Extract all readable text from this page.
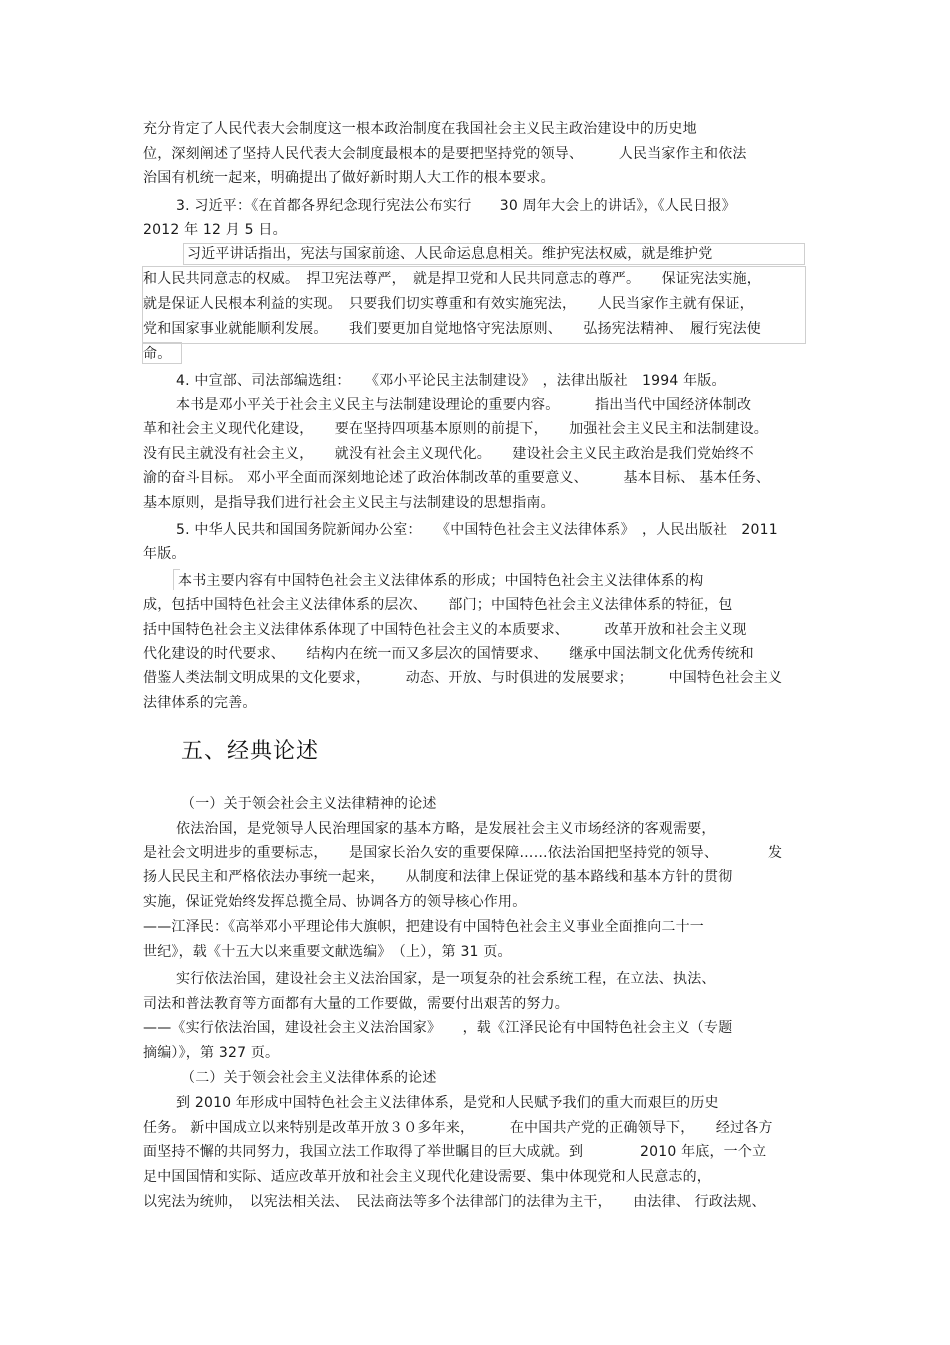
充分肯定了人民代表大会制度这一根本政治制度在我国社会主义民主政治建设中的历史地
位，深刻阐述了坚持人民代表大会制度最根本的是要把坚持党的领导、　　　人民当家作主和依法
治国有机统一起来，明确提出了做好新时期人大工作的根本要求。
3. 习近平：《在首都各界纪念现行宪法公布实行　　30 周年大会上的讲话》，《人民日报》
2012 年 12 月 5 日。
习近平讲话指出，宪法与国家前途、人民命运息息相关。维护宪法权威，就是维护党
和人民共同意志的权威。　捍卫宪法尊严，　就是捍卫党和人民共同意志的尊严。　　保证宪法实施，
就是保证人民根本利益的实现。　只要我们切实尊重和有效实施宪法，　　人民当家作主就有保证，
党和国家事业就能顺利发展。　　我们要更加自觉地恪守宪法原则、　　弘扬宪法精神、　履行宪法使
命。
4. 中宣部、司法部编选组：　　《邓小平论民主法制建设》　，法律出版社　1994 年版。
本书是邓小平关于社会主义民主与法制建设理论的重要内容。　　　指出当代中国经济体制改
革和社会主义现代化建设，　　要在坚持四项基本原则的前提下，　　加强社会主义民主和法制建设。
没有民主就没有社会主义，　　就没有社会主义现代化。　　建设社会主义民主政治是我们党始终不
渝的奋斗目标。 邓小平全面而深刻地论述了政治体制改革的重要意义、　　　基本目标、 基本任务、
基本原则，是指导我们进行社会主义民主与法制建设的思想指南。
5. 中华人民共和国国务院新闻办公室：　　《中国特色社会主义法律体系》　，人民出版社　2011
年版。
本书主要内容有中国特色社会主义法律体系的形成；中国特色社会主义法律体系的构
成，包括中国特色社会主义法律体系的层次、　　部门；中国特色社会主义法律体系的特征，包
括中国特色社会主义法律体系体现了中国特色社会主义的本质要求、　　　改革开放和社会主义现
代化建设的时代要求、　　结构内在统一而又多层次的国情要求、　　继承中国法制文化优秀传统和
借鉴人类法制文明成果的文化要求，　　　动态、开放、与时俱进的发展要求；　　　中国特色社会主义
法律体系的完善。
五、经典论述
（一）关于领会社会主义法律精神的论述
依法治国，是党领导人民治理国家的基本方略，是发展社会主义市场经济的客观需要，
是社会文明进步的重要标志，　　是国家长治久安的重要保障……依法治国把坚持党的领导、　　　　发
扬人民民主和严格依法办事统一起来，　　从制度和法律上保证党的基本路线和基本方针的贯彻
实施，保证党始终发挥总揽全局、协调各方的领导核心作用。
——江泽民：《高举邓小平理论伟大旗帜，把建设有中国特色社会主义事业全面推向二十一
世纪》，载《十五大以来重要文献选编》　（上），第 31 页。
实行依法治国，建设社会主义法治国家，是一项复杂的社会系统工程，在立法、执法、
司法和普法教育等方面都有大量的工作要做，需要付出艰苦的努力。
——《实行依法治国，建设社会主义法治国家》　　，载《江泽民论有中国特色社会主义（专题
摘编）》，第 327 页。
（二）关于领会社会主义法律体系的论述
到 2010 年形成中国特色社会主义法律体系，是党和人民赋予我们的重大而艰巨的历史
任务。 新中国成立以来特别是改革开放３０多年来，　　　在中国共产党的正确领导下，　　经过各方
面坚持不懈的共同努力，我国立法工作取得了举世瞩目的巨大成就。到　　　　2010 年底，一个立
足中国国情和实际、适应改革开放和社会主义现代化建设需要、集中体现党和人民意志的，
以宪法为统帅，　以宪法相关法、　民法商法等多个法律部门的法律为主干，　　由法律、 行政法规、
